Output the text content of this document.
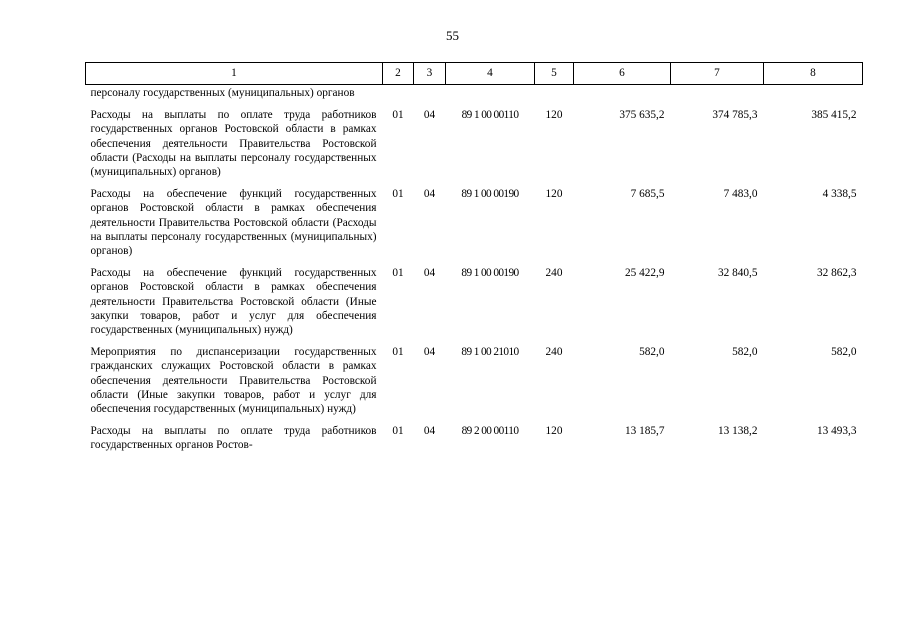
55
1	2	3	4	5	6	7	8
персоналу государственных (муниципальных) органов							
Расходы на выплаты по оплате труда работников государственных органов Ростовской области в рамках обеспечения деятельности Правительства Ростовской области (Расходы на выплаты персоналу государственных (муниципальных) органов)	01	04	89 1 00 00110	120	375 635,2	374 785,3	385 415,2
Расходы на обеспечение функций государственных органов Ростовской области в рамках обеспечения деятельности Правительства Ростовской области (Расходы на выплаты персоналу государственных (муниципальных) органов)	01	04	89 1 00 00190	120	7 685,5	7 483,0	4 338,5
Расходы на обеспечение функций государственных органов Ростовской области в рамках обеспечения деятельности Правительства Ростовской области (Иные закупки товаров, работ и услуг для обеспечения государственных (муниципальных) нужд)	01	04	89 1 00 00190	240	25 422,9	32 840,5	32 862,3
Мероприятия по диспансеризации государственных гражданских служащих Ростовской области в рамках обеспечения деятельности Правительства Ростовской области (Иные закупки товаров, работ и услуг для обеспечения государственных (муниципальных) нужд)	01	04	89 1 00 21010	240	582,0	582,0	582,0
Расходы на выплаты по оплате труда работников государственных органов Ростов-	01	04	89 2 00 00110	120	13 185,7	13 138,2	13 493,3
